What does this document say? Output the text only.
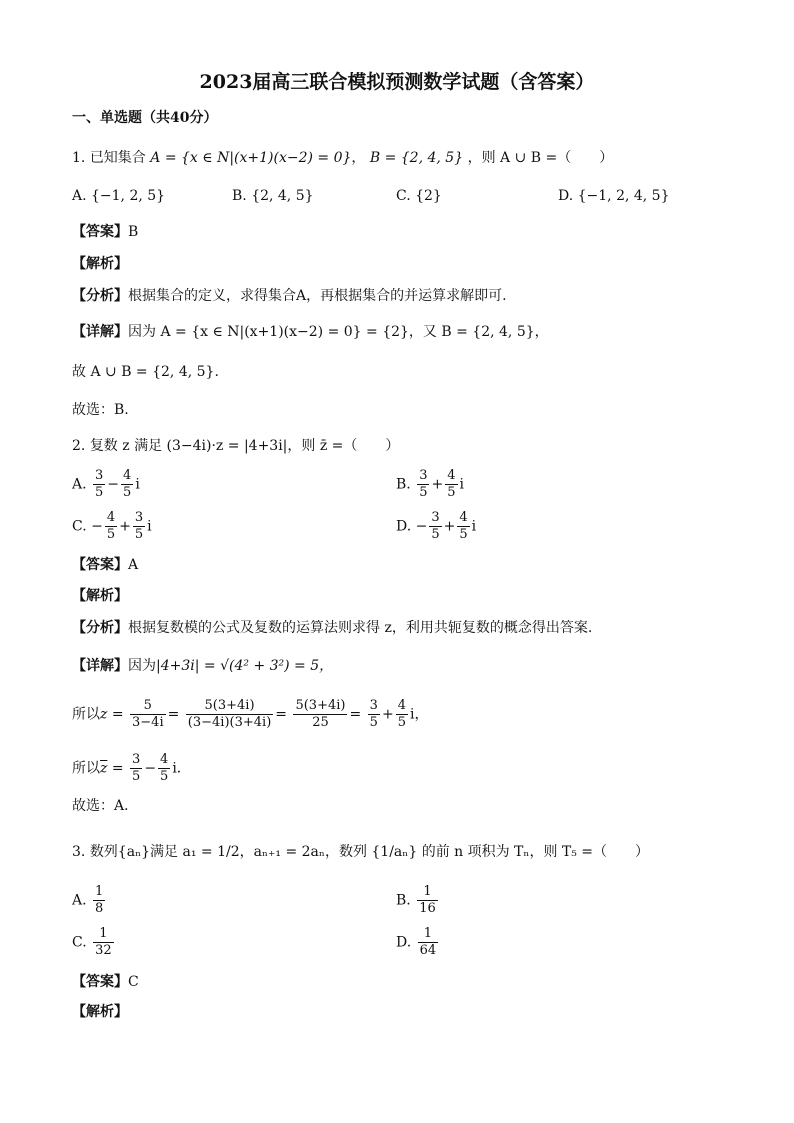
2023届高三联合模拟预测数学试题（含答案）
一、单选题（共40分）
1. 已知集合 A = {x ∈ N|(x+1)(x−2) = 0}， B = {2, 4, 5} ，则 A ∪ B =（　　）
A. {−1, 2, 5}	B. {2, 4, 5}	C. {2}	D. {−1, 2, 4, 5}
【答案】B
【解析】
【分析】根据集合的定义，求得集合A，再根据集合的并运算求解即可.
【详解】因为 A = {x ∈ N|(x+1)(x−2) = 0} = {2}，又 B = {2, 4, 5}，
故 A ∪ B = {2, 4, 5}.
故选：B.
2. 复数 z 满足 (3−4i)·z = |4+3i|，则 z̄ =（　　）
A. $\frac{3}{5} - \frac{4}{5}$ i	B. $\frac{3}{5} + \frac{4}{5}$ i
C. − $\frac{4}{5} + \frac{3}{5}$ i	D. − $\frac{3}{5} + \frac{4}{5}$ i
【答案】A
【解析】
【分析】根据复数模的公式及复数的运算法则求得 z，利用共轭复数的概念得出答案.
【详解】因为|4+3i| = √(4² + 3²) = 5，
所以$z = \frac{5}{3-4i} = \frac{5(3+4i)}{(3-4i)(3+4i)} = \frac{5(3+4i)}{25} = \frac{3}{5} + \frac{4}{5}$ i，
所以$\overline{z} = \frac{3}{5} - \frac{4}{5}$ i．
故选：A．
3. 数列{aₙ}满足 a₁ = 1/2，aₙ₊₁ = 2aₙ，数列 {1/aₙ} 的前 n 项积为 Tₙ，则 T₅ =（　　）
A. $\frac{1}{8}$	B. $\frac{1}{16}$
C. $\frac{1}{32}$	D. $\frac{1}{64}$
【答案】C
【解析】
